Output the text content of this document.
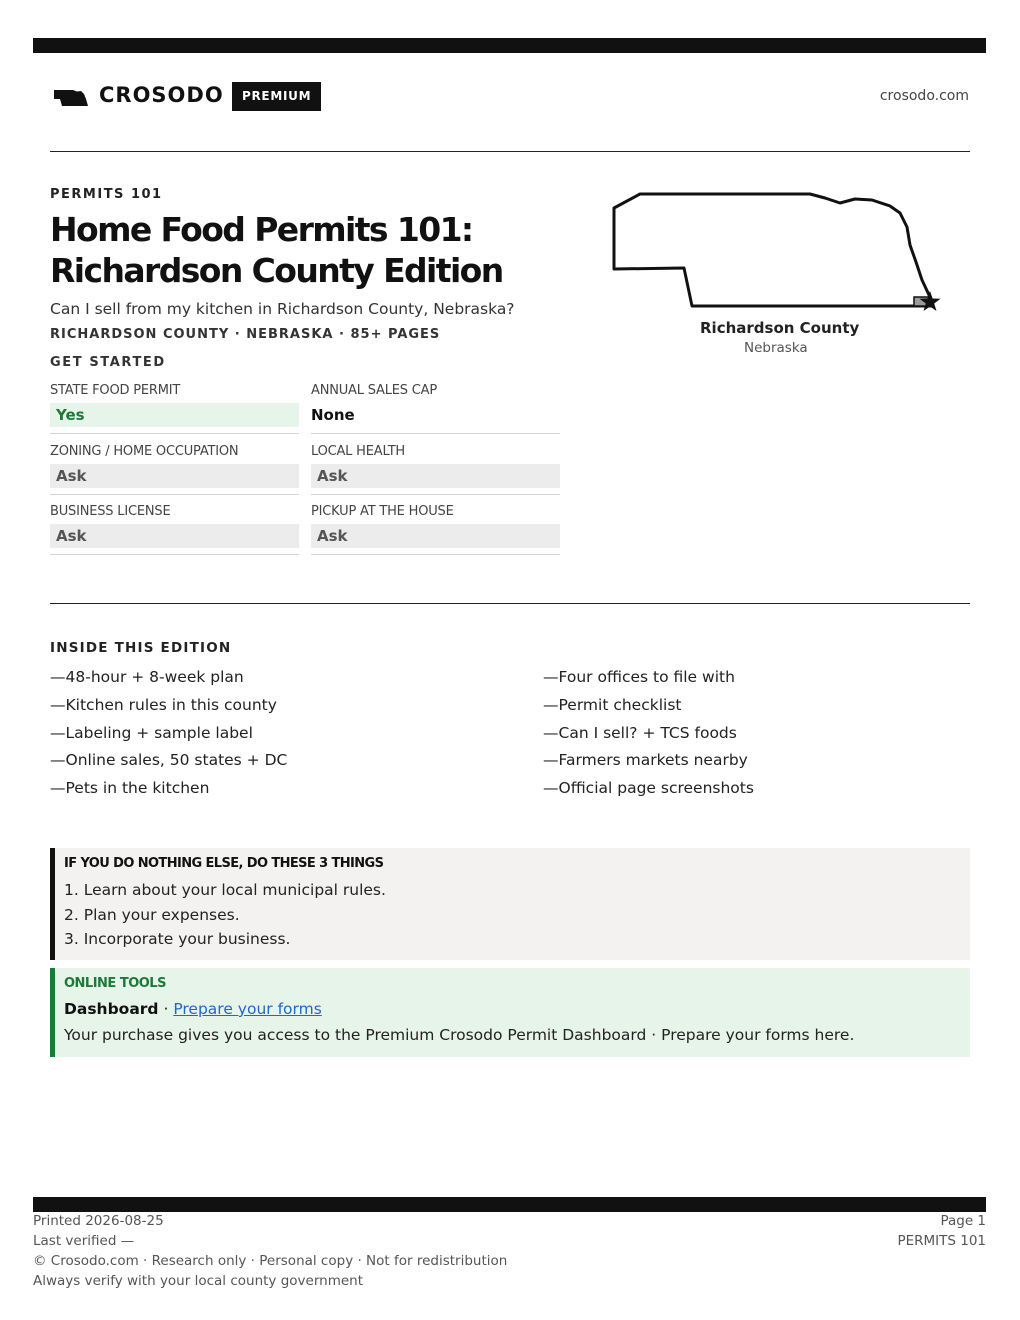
CROSODO	PREMIUM	crosodo.com
PERMITS 101
Home Food Permits 101:
Richardson County Edition
Can I sell from my kitchen in Richardson County, Nebraska?
RICHARDSON COUNTY · NEBRASKA · 85+ PAGES
GET STARTED
STATE FOOD PERMIT
Yes
ANNUAL SALES CAP
None
ZONING / HOME OCCUPATION
Ask
LOCAL HEALTH
Ask
BUSINESS LICENSE
Ask
PICKUP AT THE HOUSE
Ask
Richardson County
Nebraska
INSIDE THIS EDITION
—48-hour + 8-week plan
—Kitchen rules in this county
—Labeling + sample label
—Online sales, 50 states + DC
—Pets in the kitchen
—Four offices to file with
—Permit checklist
—Can I sell? + TCS foods
—Farmers markets nearby
—Official page screenshots
IF YOU DO NOTHING ELSE, DO THESE 3 THINGS
1. Learn about your local municipal rules.
2. Plan your expenses.
3. Incorporate your business.
ONLINE TOOLS
Dashboard · Prepare your forms
Your purchase gives you access to the Premium Crosodo Permit Dashboard · Prepare your forms here.
Printed 2026-08-25
Last verified —
© Crosodo.com · Research only · Personal copy · Not for redistribution
Always verify with your local county government
Page 1
PERMITS 101
